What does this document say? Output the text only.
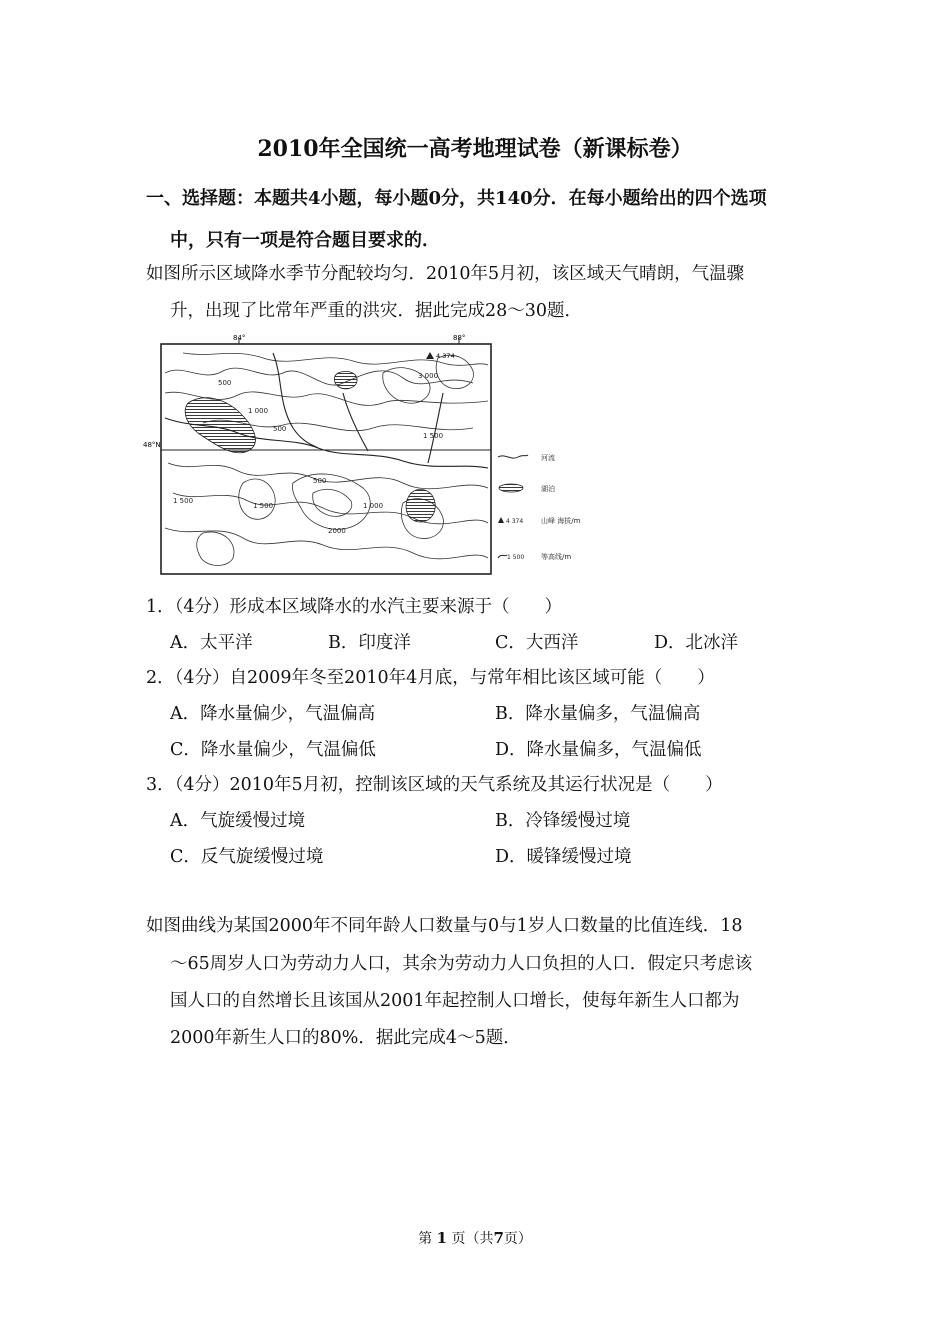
2010年全国统一高考地理试卷（新课标卷）
一、选择题：本题共4小题，每小题0分，共140分．在每小题给出的四个选项
中，只有一项是符合题目要求的．
如图所示区域降水季节分配较均匀．2010年5月初，该区域天气晴朗，气温骤
升，出现了比常年严重的洪灾．据此完成28～30题．
84°	88°
48°N
500
1 000
500
1 500
1 500
2000
1 000
3 000
1 500
500
4 374
河流
湖泊
4 374	山峰 海拔/m
1 500 等高线/m
1．（4分）形成本区域降水的水汽主要来源于（　　）
A．太平洋	B．印度洋	C．大西洋	D．北冰洋
2．（4分）自2009年冬至2010年4月底，与常年相比该区域可能（　　）
A．降水量偏少，气温偏高	B．降水量偏多，气温偏高
C．降水量偏少，气温偏低	D．降水量偏多，气温偏低
3．（4分）2010年5月初，控制该区域的天气系统及其运行状况是（　　）
A．气旋缓慢过境	B．冷锋缓慢过境
C．反气旋缓慢过境	D．暖锋缓慢过境
如图曲线为某国2000年不同年龄人口数量与0与1岁人口数量的比值连线．18
～65周岁人口为劳动力人口，其余为劳动力人口负担的人口．假定只考虑该
国人口的自然增长且该国从2001年起控制人口增长，使每年新生人口都为
2000年新生人口的80%．据此完成4～5题．
第 1 页（共7页）
